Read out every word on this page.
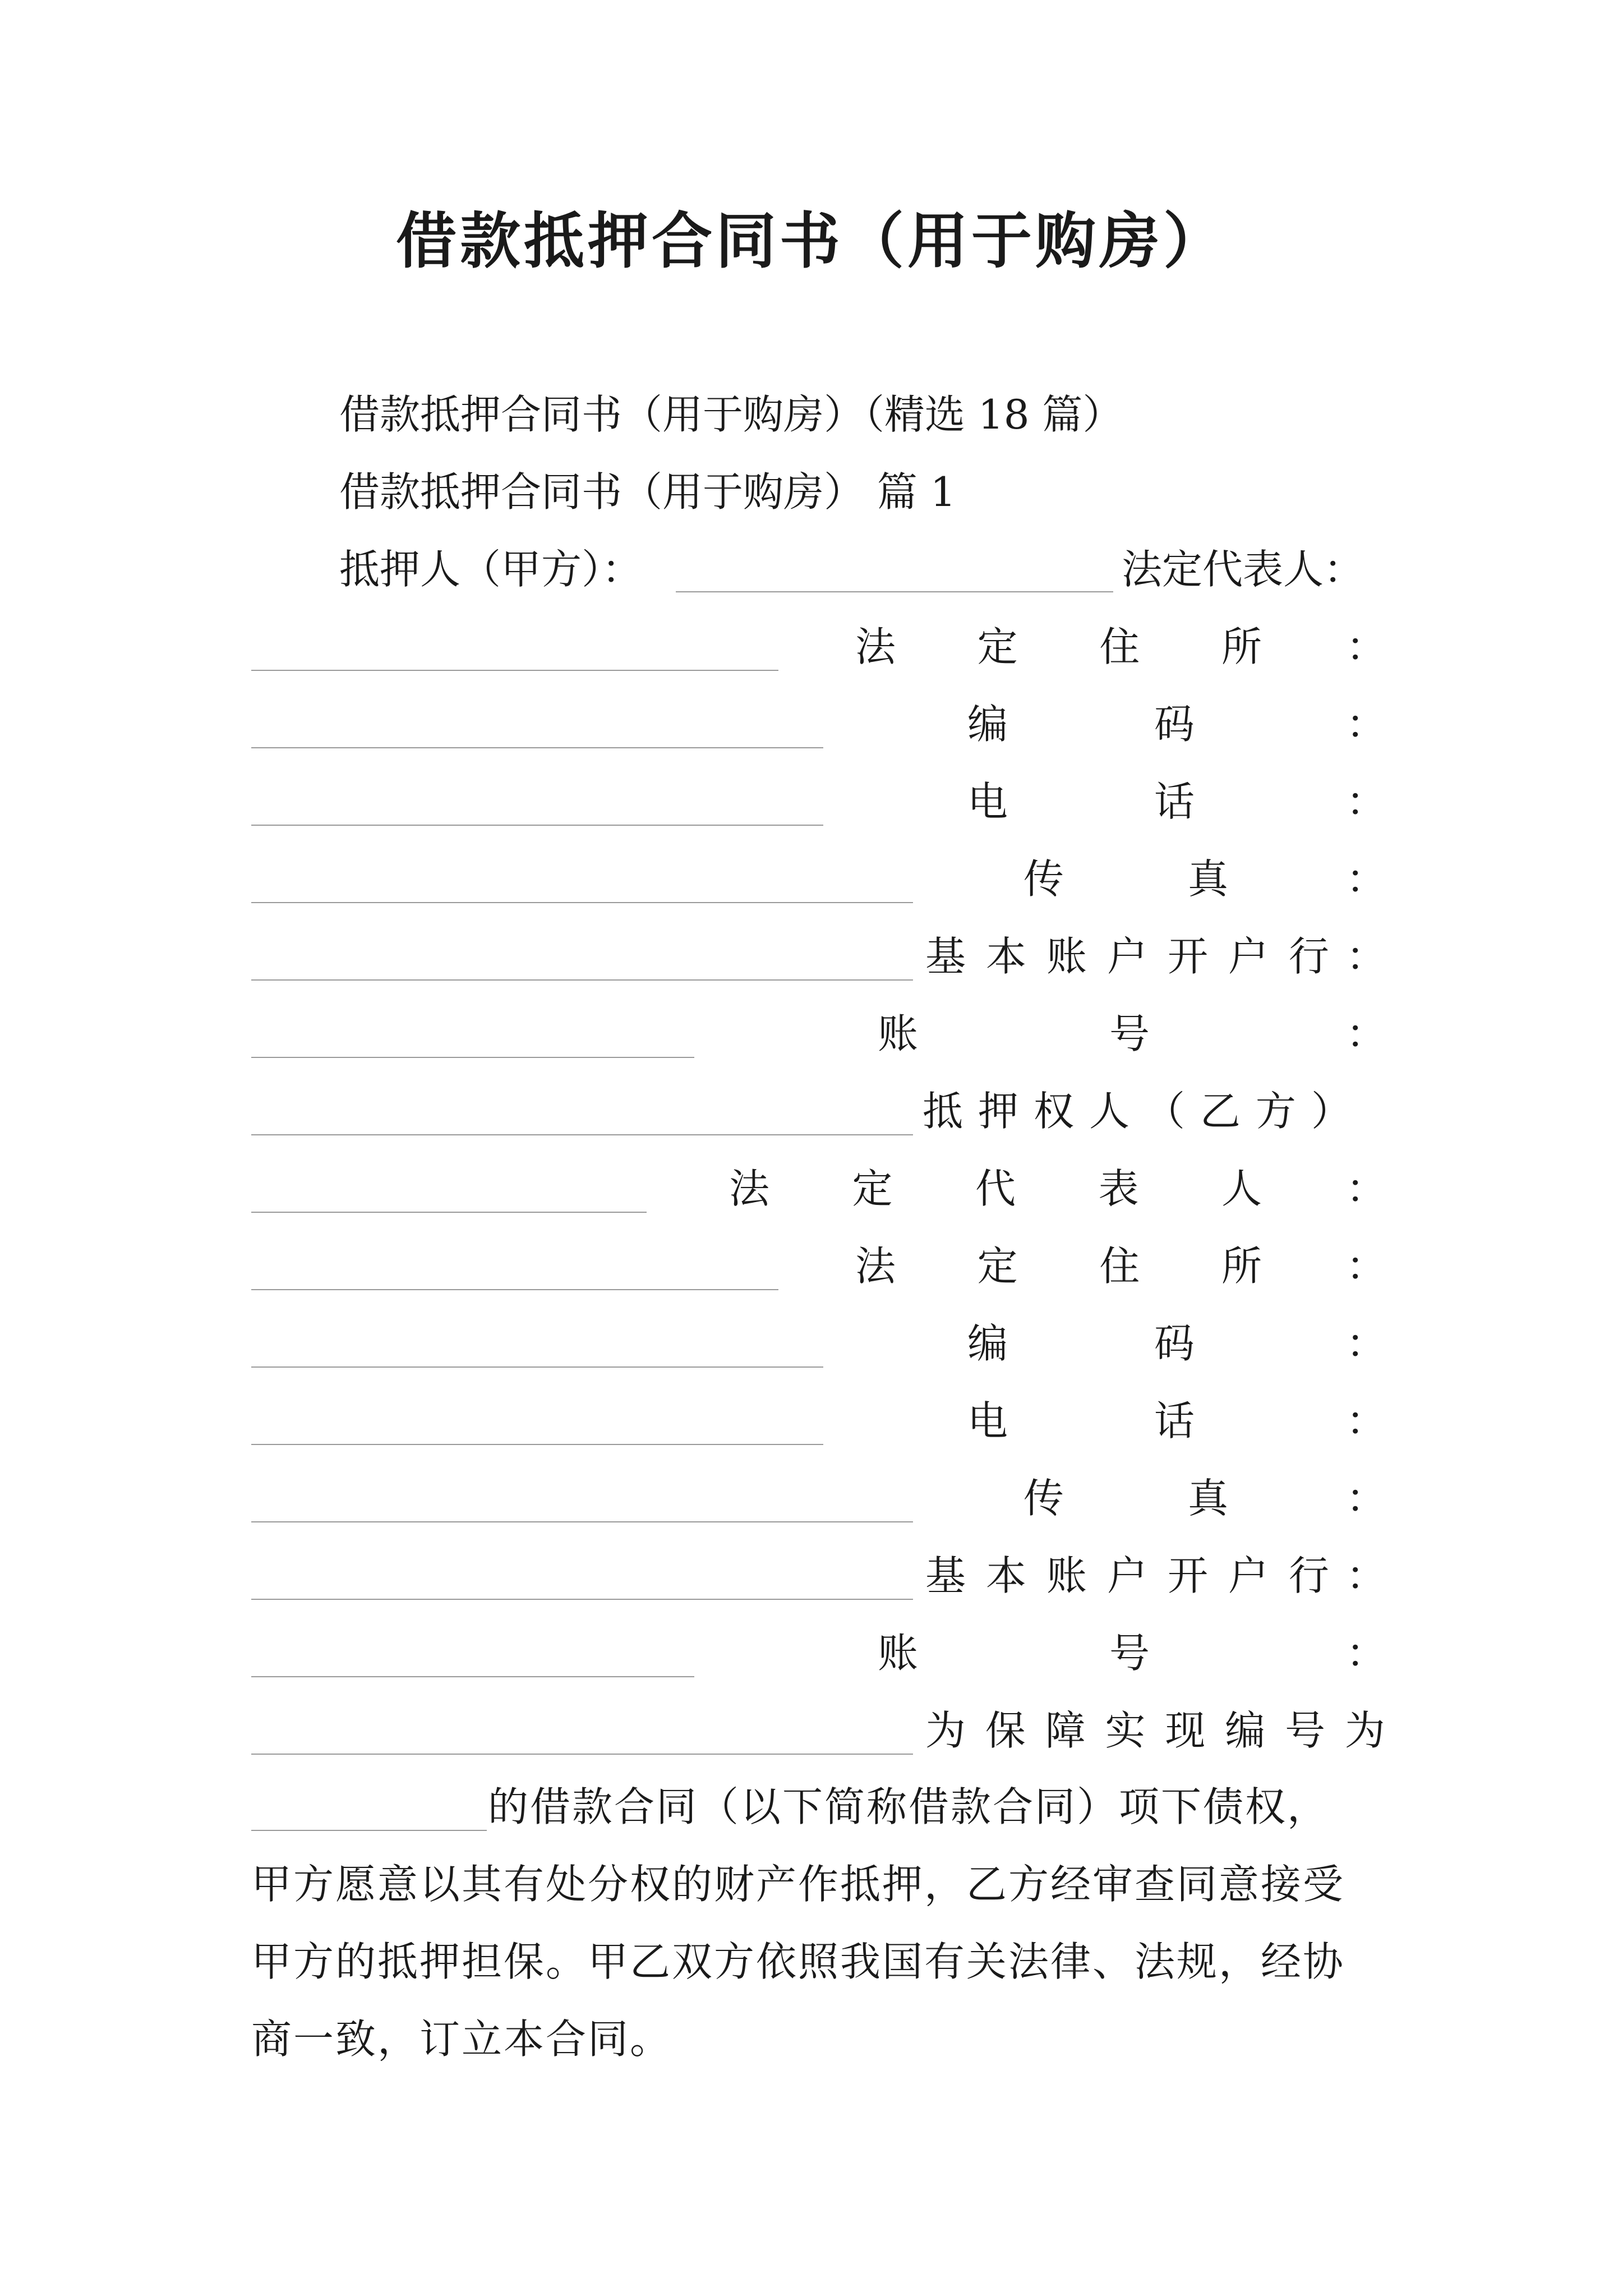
借款抵押合同书（用于购房）
借款抵押合同书（用于购房）（精选 18 篇）
借款抵押合同书（用于购房） 篇 1
抵押人（甲方）：	法定代表人：
法 定 住 所 ：
编	码	：
电	话	：
传	真	：
基 本 账 户 开 户 行 ：
账	号	：
抵 押 权 人 （ 乙 方 ）
法 定 代 表 人 ：
法 定 住 所 ：
编	码	：
电	话	：
传	真	：
基 本 账 户 开 户 行 ：
账	号	：
为 保 障 实 现 编 号 为
的借款合同（以下简称借款合同）项下债权，
甲方愿意以其有处分权的财产作抵押，乙方经审查同意接受甲方的抵押担保。甲乙双方依照我国有关法律、法规，经协商一致，订立本合同。
